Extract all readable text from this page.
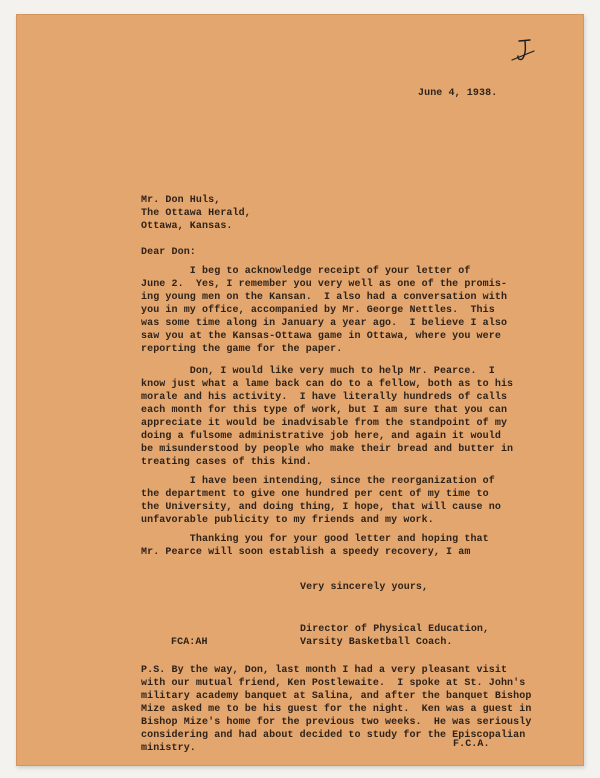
June 4, 1938.
Mr. Don Huls,
The Ottawa Herald,
Ottawa, Kansas.
Dear Don:
I beg to acknowledge receipt of your letter of
June 2.  Yes, I remember you very well as one of the promis-
ing young men on the Kansan.  I also had a conversation with
you in my office, accompanied by Mr. George Nettles.  This
was some time along in January a year ago.  I believe I also
saw you at the Kansas-Ottawa game in Ottawa, where you were
reporting the game for the paper.
Don, I would like very much to help Mr. Pearce.  I
know just what a lame back can do to a fellow, both as to his
morale and his activity.  I have literally hundreds of calls
each month for this type of work, but I am sure that you can
appreciate it would be inadvisable from the standpoint of my
doing a fulsome administrative job here, and again it would
be misunderstood by people who make their bread and butter in
treating cases of this kind.
I have been intending, since the reorganization of
the department to give one hundred per cent of my time to
the University, and doing thing, I hope, that will cause no
unfavorable publicity to my friends and my work.
Thanking you for your good letter and hoping that
Mr. Pearce will soon establish a speedy recovery, I am
Very sincerely yours,
Director of Physical Education,
FCA:AH	Varsity Basketball Coach.
P.S. By the way, Don, last month I had a very pleasant visit
with our mutual friend, Ken Postlewaite.  I spoke at St. John's
military academy banquet at Salina, and after the banquet Bishop
Mize asked me to be his guest for the night.  Ken was a guest in
Bishop Mize's home for the previous two weeks.  He was seriously
considering and had about decided to study for the Episcopalian
ministry.	F.C.A.
